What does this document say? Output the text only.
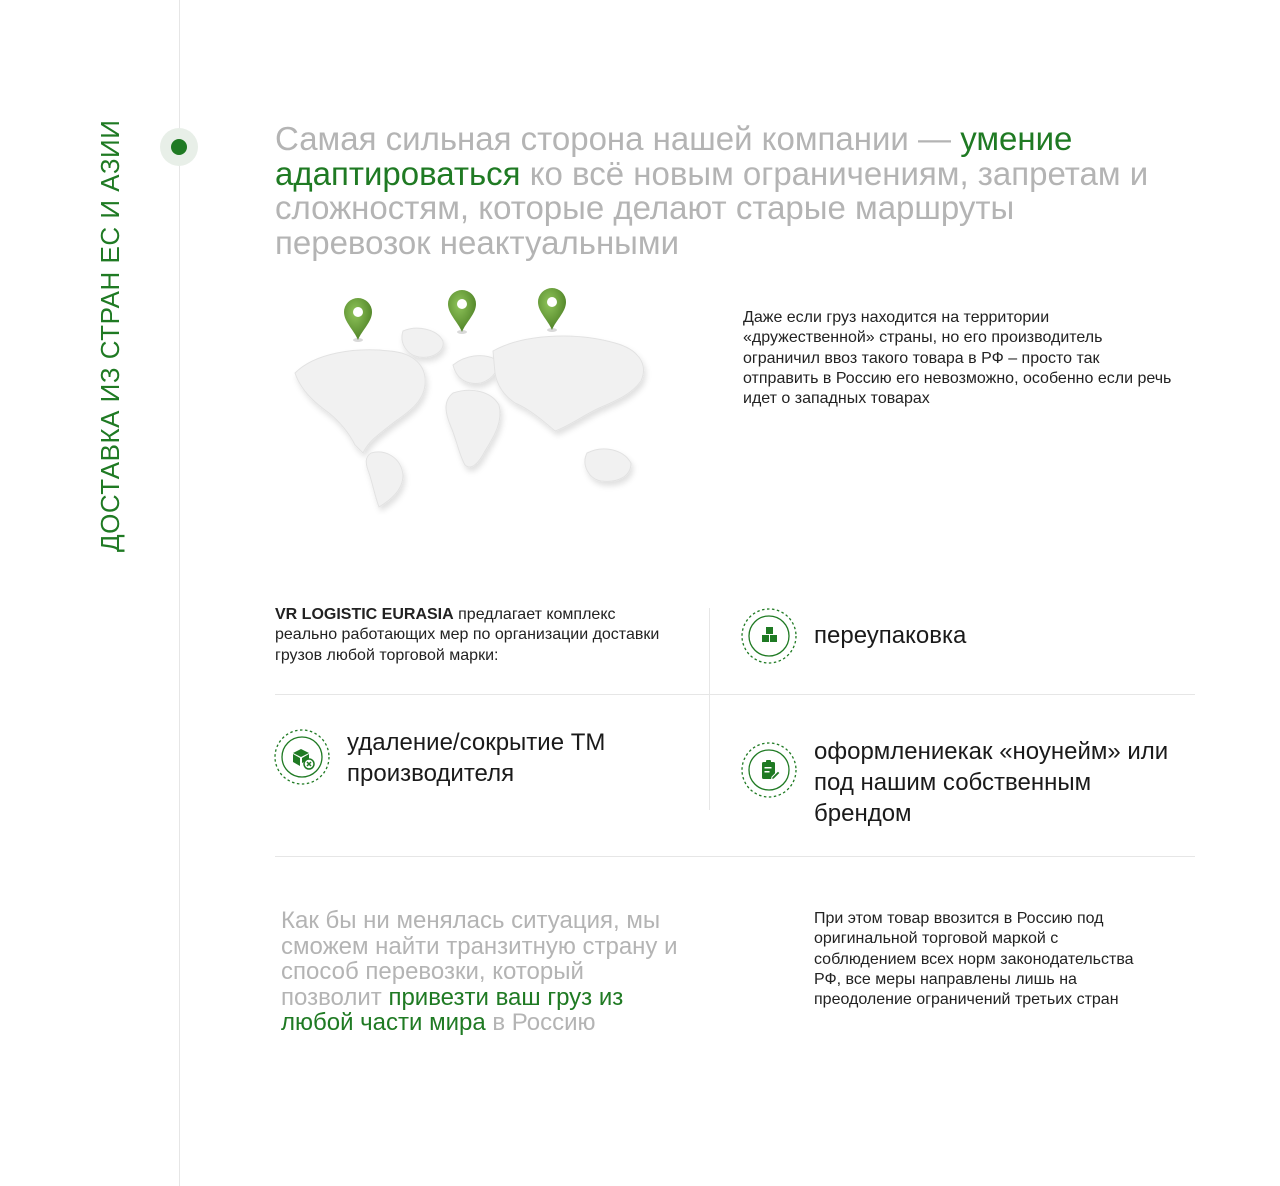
ДОСТАВКА ИЗ СТРАН ЕС И АЗИИ	Самая сильная сторона нашей компании — умение адаптироваться ко всё новым ограничениям, запретам и сложностям, которые делают старые маршруты перевозок неактуальными

Даже если груз находится на территории «дружественной» страны, но его производитель ограничил ввоз такого товара в РФ – просто так отправить в Россию его невозможно, особенно если речь идет о западных товарах

VR LOGISTIC EURASIA предлагает комплекс реально работающих мер по организации доставки грузов любой торговой марки:

переупаковка

удаление/сокрытие ТМ производителя

оформлениекак «ноунейм» или под нашим собственным брендом

Как бы ни менялась ситуация, мы сможем найти транзитную страну и способ перевозки, который позволит привезти ваш груз из любой части мира в Россию

При этом товар ввозится в Россию под оригинальной торговой маркой с соблюдением всех норм законодательства РФ, все меры направлены лишь на преодоление ограничений третьих стран
